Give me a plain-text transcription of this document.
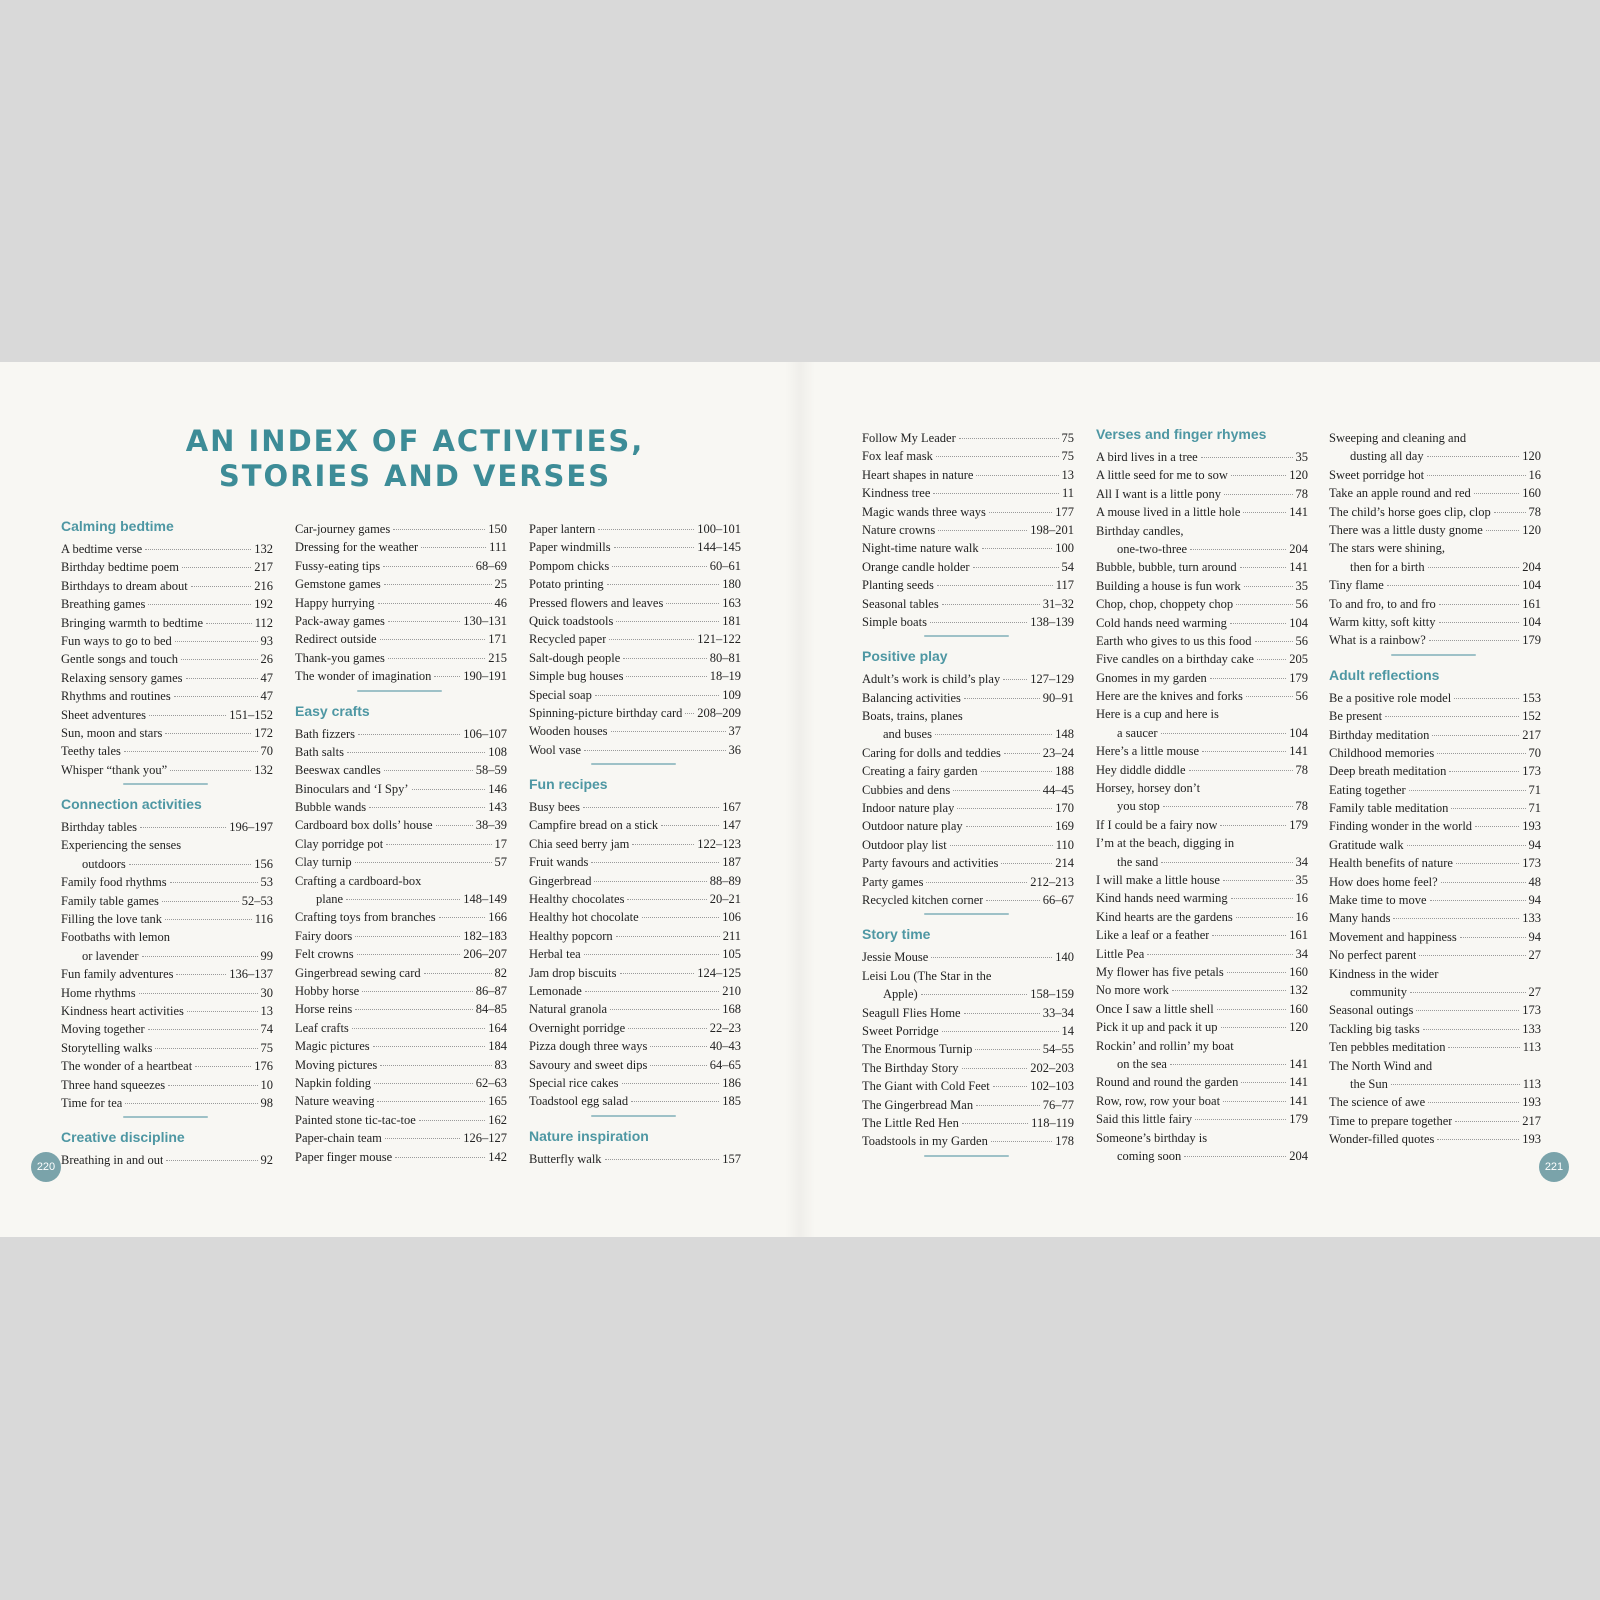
AN INDEX OF ACTIVITIES,
STORIES AND VERSES
Calming bedtime
A bedtime verse	132
Birthday bedtime poem	217
Birthdays to dream about	216
Breathing games	192
Bringing warmth to bedtime	112
Fun ways to go to bed	93
Gentle songs and touch	26
Relaxing sensory games	47
Rhythms and routines	47
Sheet adventures	151–152
Sun, moon and stars	172
Teethy tales	70
Whisper “thank you”	132
Connection activities
Birthday tables	196–197
Experiencing the senses
outdoors	156
Family food rhythms	53
Family table games	52–53
Filling the love tank	116
Footbaths with lemon
or lavender	99
Fun family adventures	136–137
Home rhythms	30
Kindness heart activities	13
Moving together	74
Storytelling walks	75
The wonder of a heartbeat	176
Three hand squeezes	10
Time for tea	98
Creative discipline
Breathing in and out	92
Car-journey games	150
Dressing for the weather	111
Fussy-eating tips	68–69
Gemstone games	25
Happy hurrying	46
Pack-away games	130–131
Redirect outside	171
Thank-you games	215
The wonder of imagination	190–191
Easy crafts
Bath fizzers	106–107
Bath salts	108
Beeswax candles	58–59
Binoculars and ‘I Spy’	146
Bubble wands	143
Cardboard box dolls’ house	38–39
Clay porridge pot	17
Clay turnip	57
Crafting a cardboard-box
plane	148–149
Crafting toys from branches	166
Fairy doors	182–183
Felt crowns	206–207
Gingerbread sewing card	82
Hobby horse	86–87
Horse reins	84–85
Leaf crafts	164
Magic pictures	184
Moving pictures	83
Napkin folding	62–63
Nature weaving	165
Painted stone tic-tac-toe	162
Paper-chain team	126–127
Paper finger mouse	142
Paper lantern	100–101
Paper windmills	144–145
Pompom chicks	60–61
Potato printing	180
Pressed flowers and leaves	163
Quick toadstools	181
Recycled paper	121–122
Salt-dough people	80–81
Simple bug houses	18–19
Special soap	109
Spinning-picture birthday card 208–209
Wooden houses	37
Wool vase	36
Fun recipes
Busy bees	167
Campfire bread on a stick	147
Chia seed berry jam	122–123
Fruit wands	187
Gingerbread	88–89
Healthy chocolates	20–21
Healthy hot chocolate	106
Healthy popcorn	211
Herbal tea	105
Jam drop biscuits	124–125
Lemonade	210
Natural granola	168
Overnight porridge	22–23
Pizza dough three ways	40–43
Savoury and sweet dips	64–65
Special rice cakes	186
Toadstool egg salad	185
Nature inspiration
Butterfly walk	157
Follow My Leader	75
Fox leaf mask	75
Heart shapes in nature	13
Kindness tree	11
Magic wands three ways	177
Nature crowns	198–201
Night-time nature walk	100
Orange candle holder	54
Planting seeds	117
Seasonal tables	31–32
Simple boats	138–139
Positive play
Adult’s work is child’s play 127–129
Balancing activities	90–91
Boats, trains, planes
and buses	148
Caring for dolls and teddies	23–24
Creating a fairy garden	188
Cubbies and dens	44–45
Indoor nature play	170
Outdoor nature play	169
Outdoor play list	110
Party favours and activities	214
Party games	212–213
Recycled kitchen corner	66–67
Story time
Jessie Mouse	140
Leisi Lou (The Star in the
Apple)	158–159
Seagull Flies Home	33–34
Sweet Porridge	14
The Enormous Turnip	54–55
The Birthday Story	202–203
The Giant with Cold Feet	102–103
The Gingerbread Man	76–77
The Little Red Hen	118–119
Toadstools in my Garden	178
Verses and finger rhymes
A bird lives in a tree	35
A little seed for me to sow	120
All I want is a little pony	78
A mouse lived in a little hole	141
Birthday candles,
one-two-three	204
Bubble, bubble, turn around	141
Building a house is fun work	35
Chop, chop, choppety chop	56
Cold hands need warming	104
Earth who gives to us this food	56
Five candles on a birthday cake	205
Gnomes in my garden	179
Here are the knives and forks	56
Here is a cup and here is
a saucer	104
Here’s a little mouse	141
Hey diddle diddle	78
Horsey, horsey don’t
you stop	78
If I could be a fairy now	179
I’m at the beach, digging in
the sand	34
I will make a little house	35
Kind hands need warming	16
Kind hearts are the gardens	16
Like a leaf or a feather	161
Little Pea	34
My flower has five petals	160
No more work	132
Once I saw a little shell	160
Pick it up and pack it up	120
Rockin’ and rollin’ my boat
on the sea	141
Round and round the garden	141
Row, row, row your boat	141
Said this little fairy	179
Someone’s birthday is
coming soon	204
Sweeping and cleaning and
dusting all day	120
Sweet porridge hot	16
Take an apple round and red	160
The child’s horse goes clip, clop	78
There was a little dusty gnome	120
The stars were shining,
then for a birth	204
Tiny flame	104
To and fro, to and fro	161
Warm kitty, soft kitty	104
What is a rainbow?	179
Adult reflections
Be a positive role model	153
Be present	152
Birthday meditation	217
Childhood memories	70
Deep breath meditation	173
Eating together	71
Family table meditation	71
Finding wonder in the world	193
Gratitude walk	94
Health benefits of nature	173
How does home feel?	48
Make time to move	94
Many hands	133
Movement and happiness	94
No perfect parent	27
Kindness in the wider
community	27
Seasonal outings	173
Tackling big tasks	133
Ten pebbles meditation	113
The North Wind and
the Sun	113
The science of awe	193
Time to prepare together	217
Wonder-filled quotes	193
220	221
